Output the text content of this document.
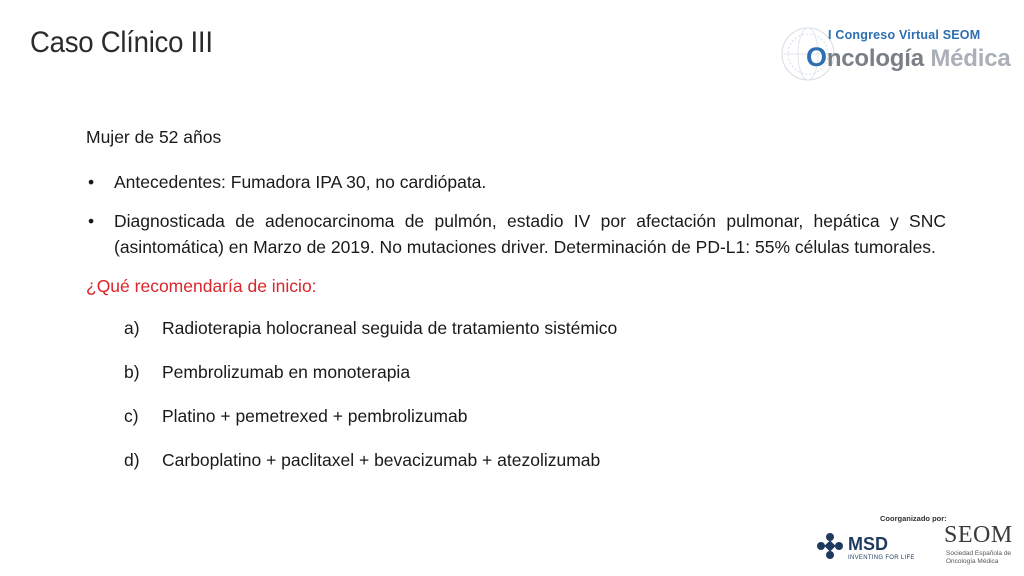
Caso Clínico III	I Congreso Virtual SEOM
Oncología Médica

Mujer de 52 años

• Antecedentes: Fumadora IPA 30, no cardiópata.

• Diagnosticada de adenocarcinoma de pulmón, estadio IV por afectación pulmonar, hepática y SNC (asintomática) en Marzo de 2019. No mutaciones driver. Determinación de PD-L1: 55% células tumorales.

¿Qué recomendaría de inicio:

a) Radioterapia holocraneal seguida de tratamiento sistémico

b) Pembrolizumab en monoterapia

c) Platino + pemetrexed + pembrolizumab

d) Carboplatino + paclitaxel + bevacizumab + atezolizumab

Coorganizado por:
MSD
INVENTING FOR LIFE
SEOM
Sociedad Española de Oncología Médica
